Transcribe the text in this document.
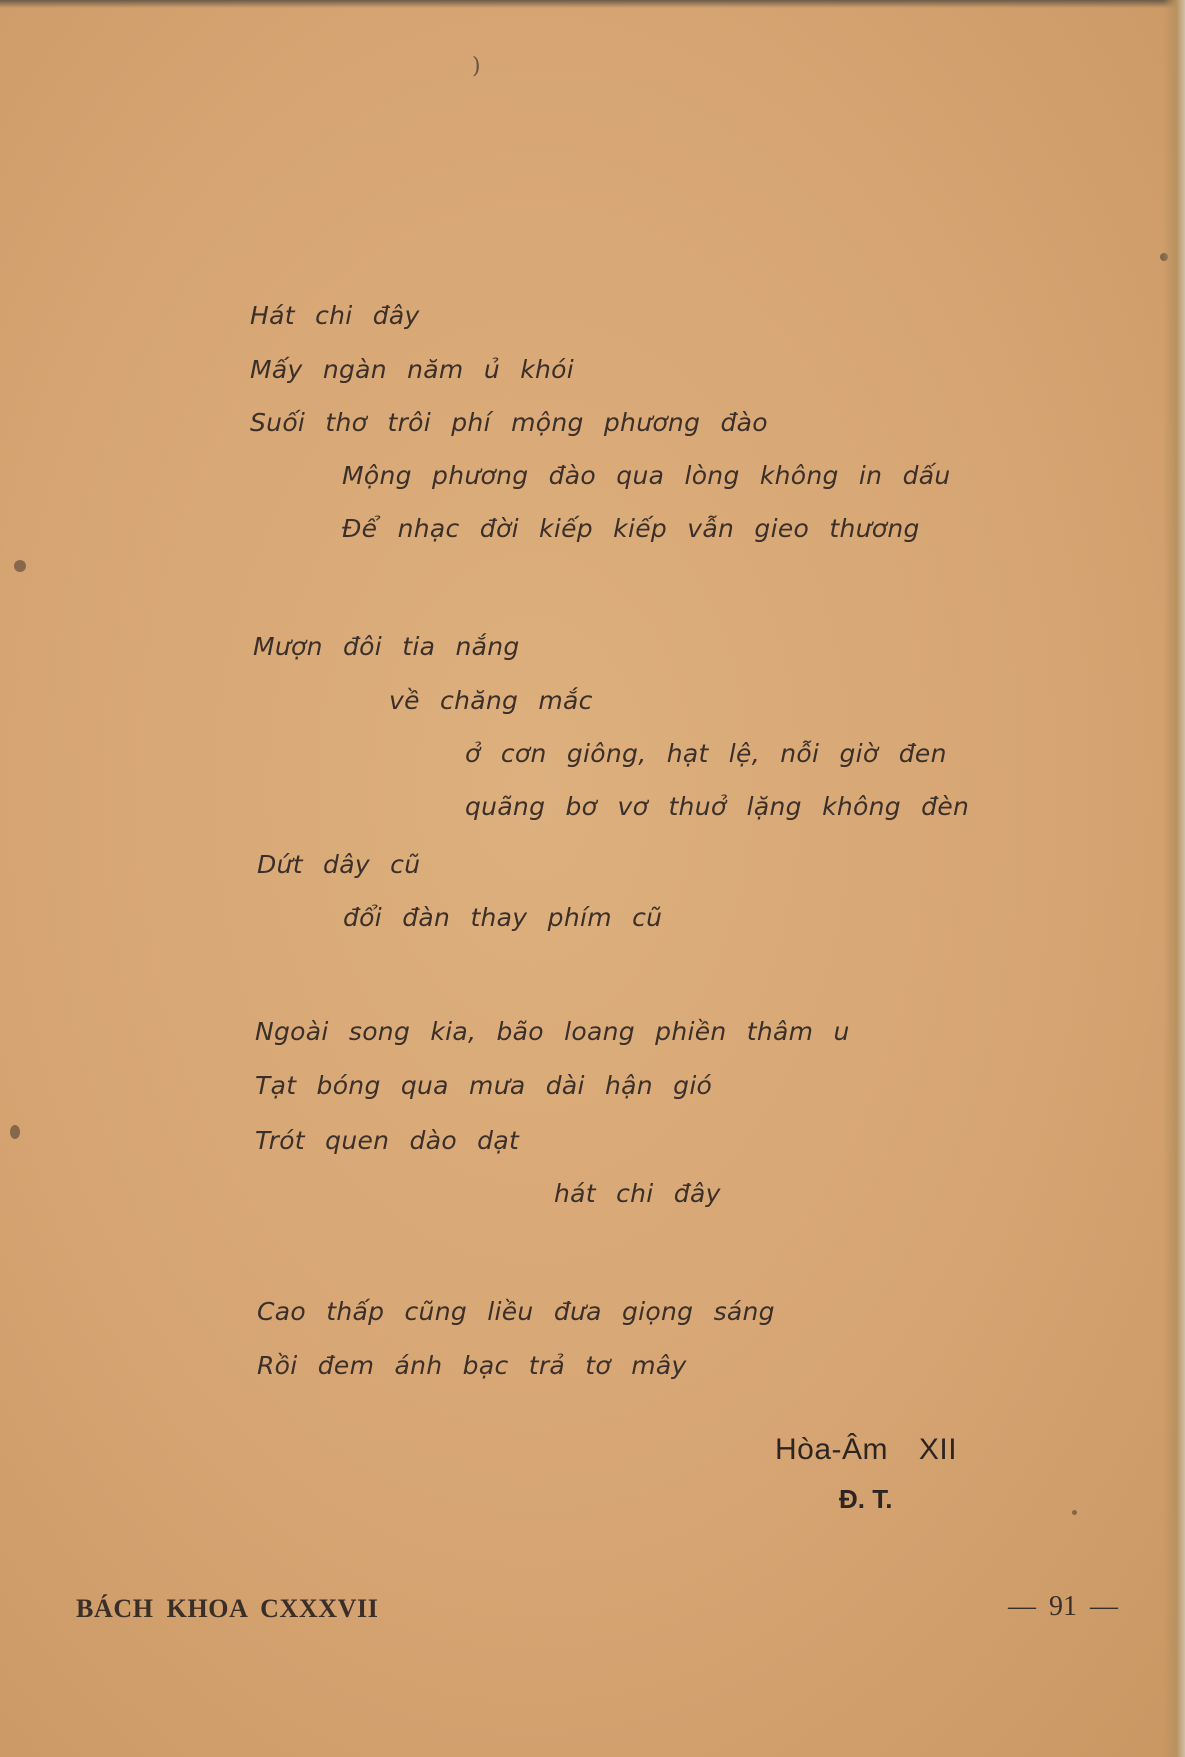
)
Hát chi đây
Mấy ngàn năm ủ khói
Suối thơ trôi phí mộng phương đào
Mộng phương đào qua lòng không in dấu
Để nhạc đời kiếp kiếp vẫn gieo thương
Mượn đôi tia nắng
về chăng mắc
ở cơn giông, hạt lệ, nỗi giờ đen
quãng bơ vơ thuở lặng không đèn
Dứt dây cũ
đổi đàn thay phím cũ
Ngoài song kia, bão loang phiền thâm u
Tạt bóng qua mưa dài hận gió
Trót quen dào dạt
hát chi đây
Cao thấp cũng liều đưa giọng sáng
Rồi đem ánh bạc trả tơ mây
Hòa-Âm XII
Đ. T.
BÁCH KHOA CXXXVII	— 91 —
